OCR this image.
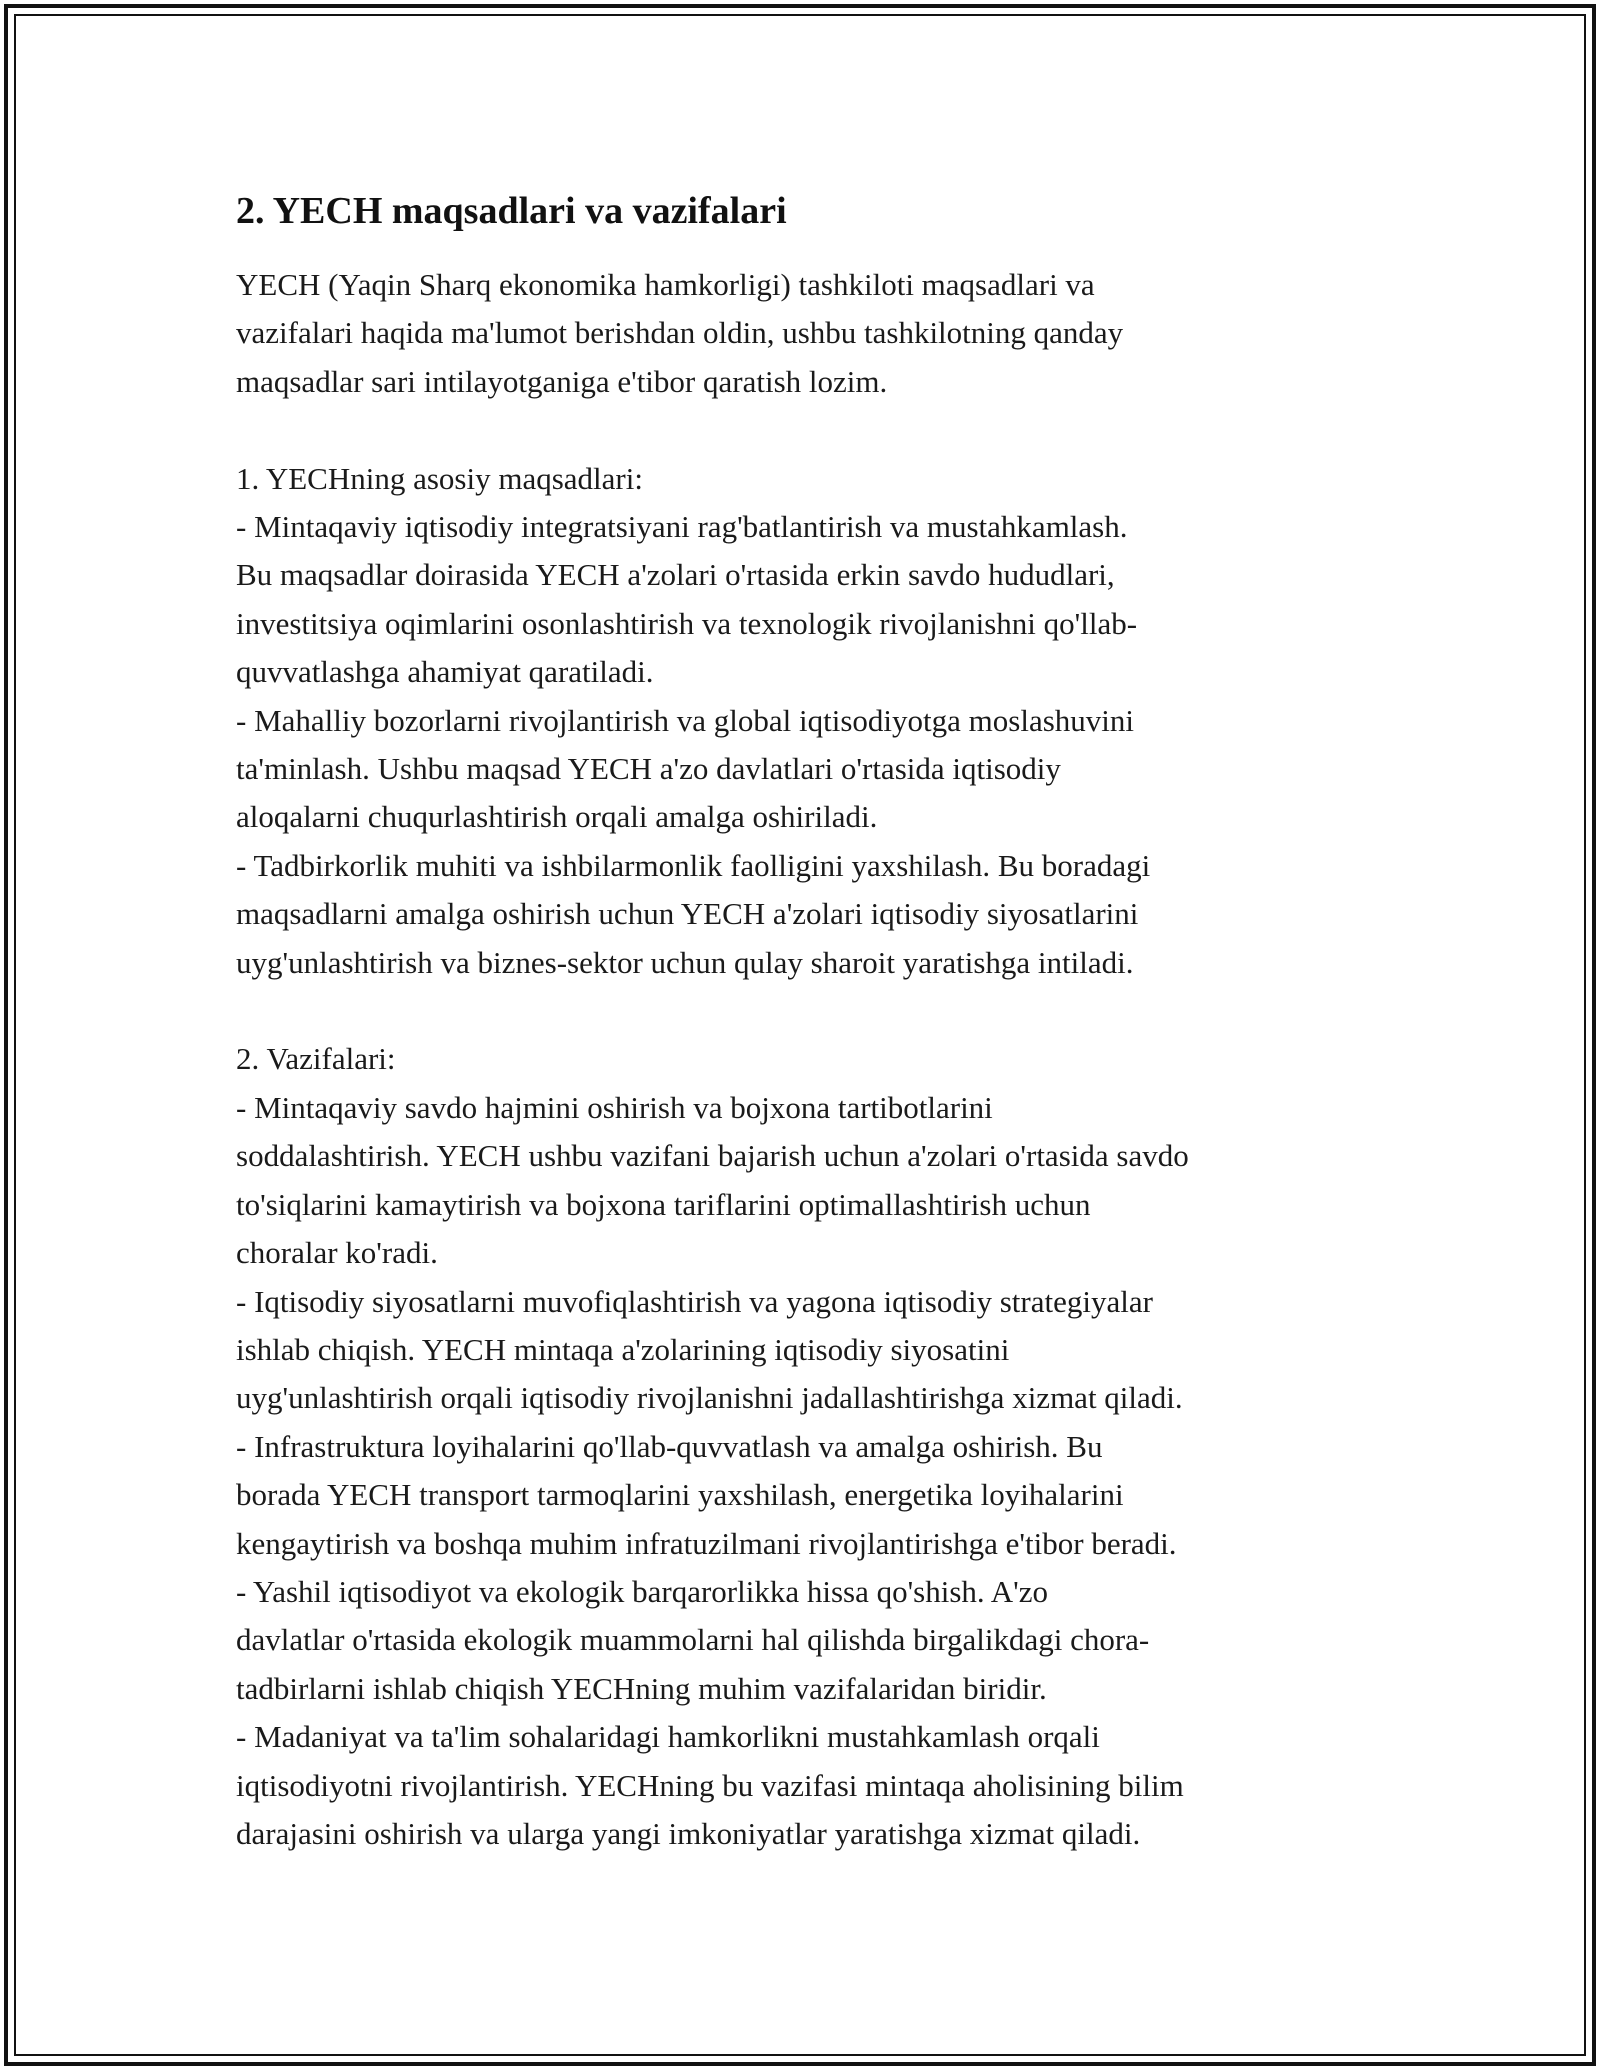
2. YECH maqsadlari va vazifalari

YECH (Yaqin Sharq ekonomika hamkorligi) tashkiloti maqsadlari va
vazifalari haqida ma'lumot berishdan oldin, ushbu tashkilotning qanday
maqsadlar sari intilayotganiga e'tibor qaratish lozim.

1. YECHning asosiy maqsadlari:

- Mintaqaviy iqtisodiy integratsiyani rag'batlantirish va mustahkamlash.
Bu maqsadlar doirasida YECH a'zolari o'rtasida erkin savdo hududlari,
investitsiya oqimlarini osonlashtirish va texnologik rivojlanishni qo'llab-
quvvatlashga ahamiyat qaratiladi.

- Mahalliy bozorlarni rivojlantirish va global iqtisodiyotga moslashuvini
ta'minlash. Ushbu maqsad YECH a'zo davlatlari o'rtasida iqtisodiy
aloqalarni chuqurlashtirish orqali amalga oshiriladi.

- Tadbirkorlik muhiti va ishbilarmonlik faolligini yaxshilash. Bu boradagi
maqsadlarni amalga oshirish uchun YECH a'zolari iqtisodiy siyosatlarini
uyg'unlashtirish va biznes-sektor uchun qulay sharoit yaratishga intiladi.

2. Vazifalari:

- Mintaqaviy savdo hajmini oshirish va bojxona tartibotlarini
soddalashtirish. YECH ushbu vazifani bajarish uchun a'zolari o'rtasida savdo
to'siqlarini kamaytirish va bojxona tariflarini optimallashtirish uchun
choralar ko'radi.

- Iqtisodiy siyosatlarni muvofiqlashtirish va yagona iqtisodiy strategiyalar
ishlab chiqish. YECH mintaqa a'zolarining iqtisodiy siyosatini
uyg'unlashtirish orqali iqtisodiy rivojlanishni jadallashtirishga xizmat qiladi.

- Infrastruktura loyihalarini qo'llab-quvvatlash va amalga oshirish. Bu
borada YECH transport tarmoqlarini yaxshilash, energetika loyihalarini
kengaytirish va boshqa muhim infratuzilmani rivojlantirishga e'tibor beradi.

- Yashil iqtisodiyot va ekologik barqarorlikka hissa qo'shish. A'zo
davlatlar o'rtasida ekologik muammolarni hal qilishda birgalikdagi chora-
tadbirlarni ishlab chiqish YECHning muhim vazifalaridan biridir.

- Madaniyat va ta'lim sohalaridagi hamkorlikni mustahkamlash orqali
iqtisodiyotni rivojlantirish. YECHning bu vazifasi mintaqa aholisining bilim
darajasini oshirish va ularga yangi imkoniyatlar yaratishga xizmat qiladi.
